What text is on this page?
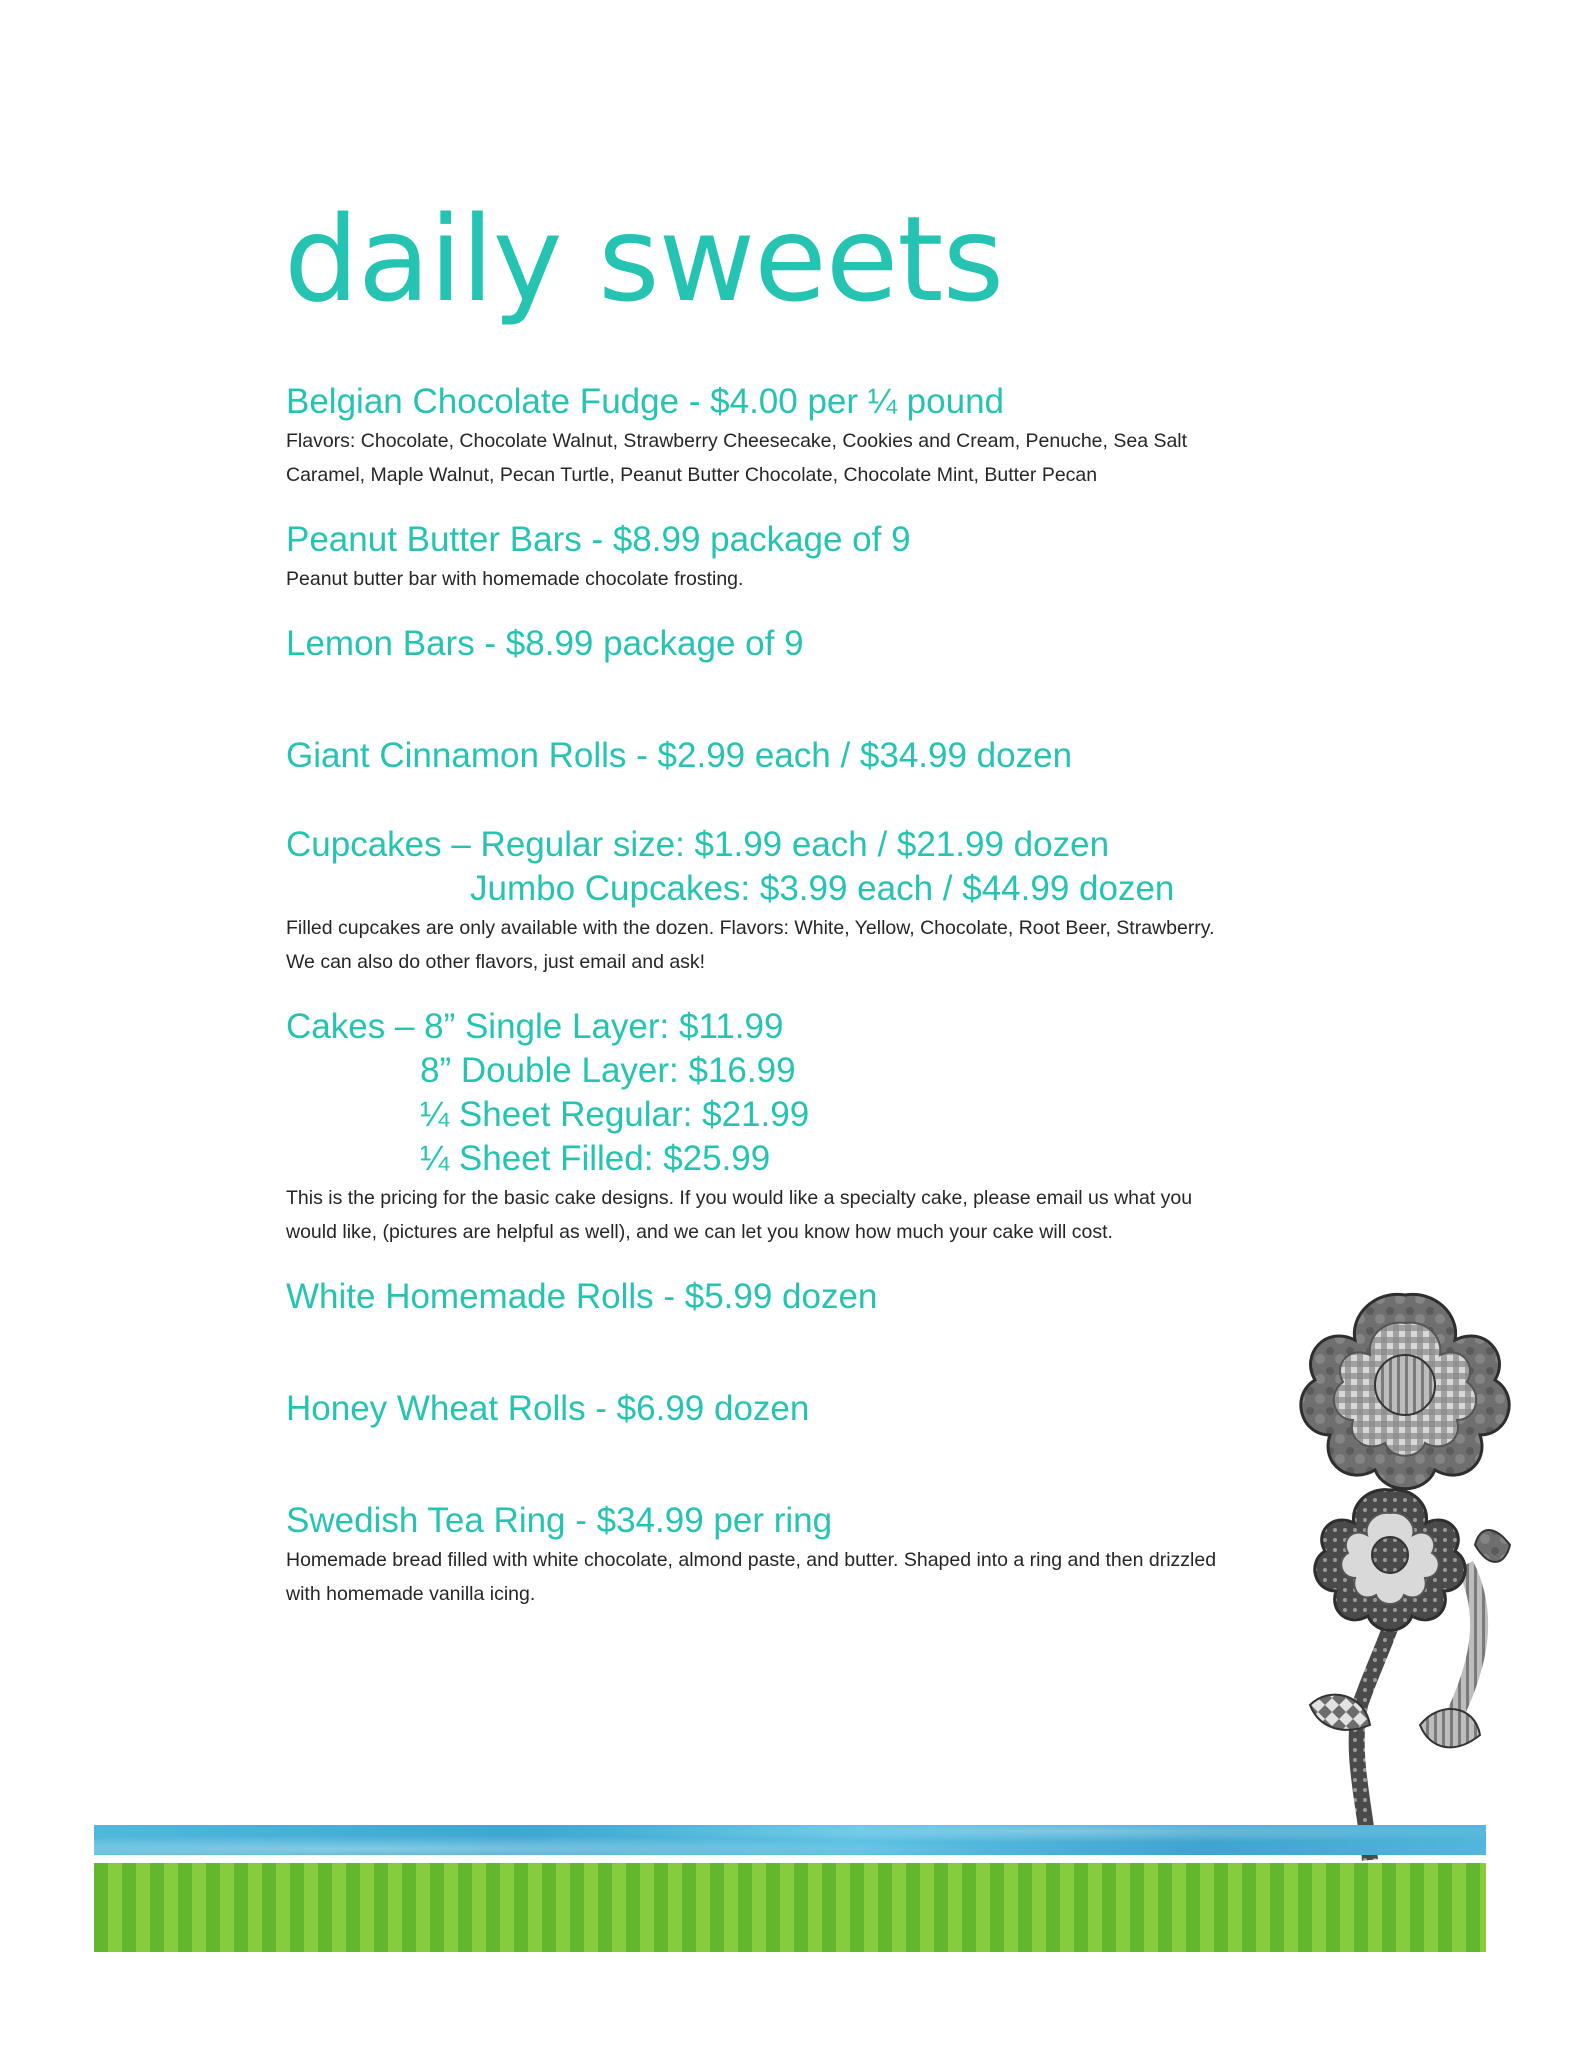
daily sweets

Belgian Chocolate Fudge - $4.00 per ¼ pound

Flavors: Chocolate, Chocolate Walnut, Strawberry Cheesecake, Cookies and Cream, Penuche, Sea Salt

Caramel, Maple Walnut, Pecan Turtle, Peanut Butter Chocolate, Chocolate Mint, Butter Pecan

Peanut Butter Bars - $8.99 package of 9

Peanut butter bar with homemade chocolate frosting.

Lemon Bars - $8.99 package of 9

Giant Cinnamon Rolls - $2.99 each / $34.99 dozen

Cupcakes – Regular size: $1.99 each / $21.99 dozen

Jumbo Cupcakes: $3.99 each / $44.99 dozen

Filled cupcakes are only available with the dozen. Flavors: White, Yellow, Chocolate, Root Beer, Strawberry.

We can also do other flavors, just email and ask!

Cakes – 8” Single Layer: $11.99

8” Double Layer: $16.99

¼ Sheet Regular: $21.99

¼ Sheet Filled: $25.99

This is the pricing for the basic cake designs. If you would like a specialty cake, please email us what you

would like, (pictures are helpful as well), and we can let you know how much your cake will cost.

White Homemade Rolls - $5.99 dozen

Honey Wheat Rolls - $6.99 dozen

Swedish Tea Ring - $34.99 per ring

Homemade bread filled with white chocolate, almond paste, and butter. Shaped into a ring and then drizzled

with homemade vanilla icing.
